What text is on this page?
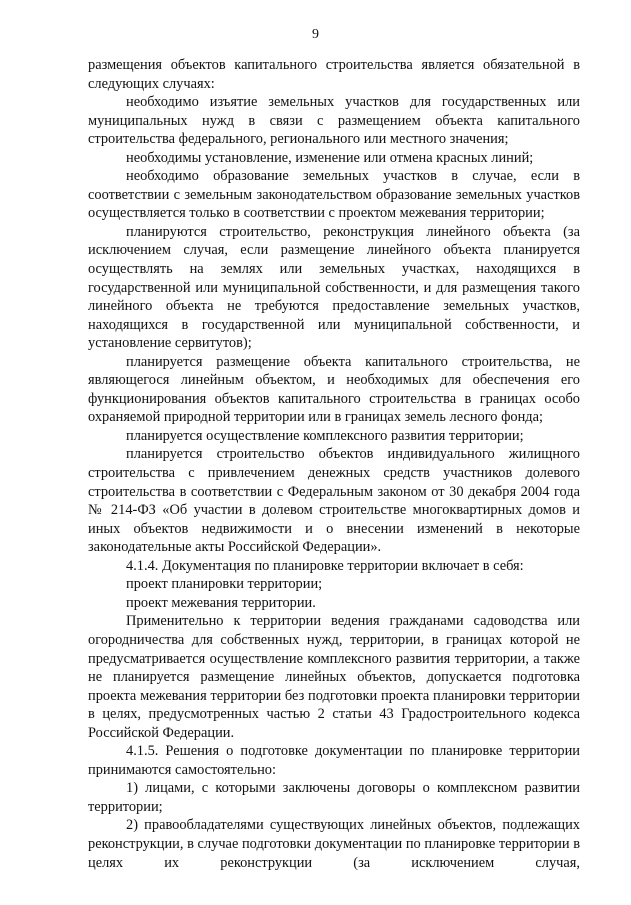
9

размещения объектов капитального строительства является обязательной в следующих случаях:

необходимо изъятие земельных участков для государственных или муниципальных нужд в связи с размещением объекта капитального строительства федерального, регионального или местного значения;

необходимы установление, изменение или отмена красных линий;

необходимо образование земельных участков в случае, если в соответствии с земельным законодательством образование земельных участков осуществляется только в соответствии с проектом межевания территории;

планируются строительство, реконструкция линейного объекта (за исключением случая, если размещение линейного объекта планируется осуществлять на землях или земельных участках, находящихся в государственной или муниципальной собственности, и для размещения такого линейного объекта не требуются предоставление земельных участков, находящихся в государственной или муниципальной собственности, и установление сервитутов);

планируется размещение объекта капитального строительства, не являющегося линейным объектом, и необходимых для обеспечения его функционирования объектов капитального строительства в границах особо охраняемой природной территории или в границах земель лесного фонда;

планируется осуществление комплексного развития территории;

планируется строительство объектов индивидуального жилищного строительства с привлечением денежных средств участников долевого строительства в соответствии с Федеральным законом от 30 декабря 2004 года № 214-ФЗ «Об участии в долевом строительстве многоквартирных домов и иных объектов недвижимости и о внесении изменений в некоторые законодательные акты Российской Федерации».

4.1.4. Документация по планировке территории включает в себя:

проект планировки территории;

проект межевания территории.

Применительно к территории ведения гражданами садоводства или огородничества для собственных нужд, территории, в границах которой не предусматривается осуществление комплексного развития территории, а также не планируется размещение линейных объектов, допускается подготовка проекта межевания территории без подготовки проекта планировки территории в целях, предусмотренных частью 2 статьи 43 Градостроительного кодекса Российской Федерации.

4.1.5. Решения о подготовке документации по планировке территории принимаются самостоятельно:

1) лицами, с которыми заключены договоры о комплексном развитии территории;

2) правообладателями существующих линейных объектов, подлежащих реконструкции, в случае подготовки документации по планировке территории в целях их реконструкции (за исключением случая,
